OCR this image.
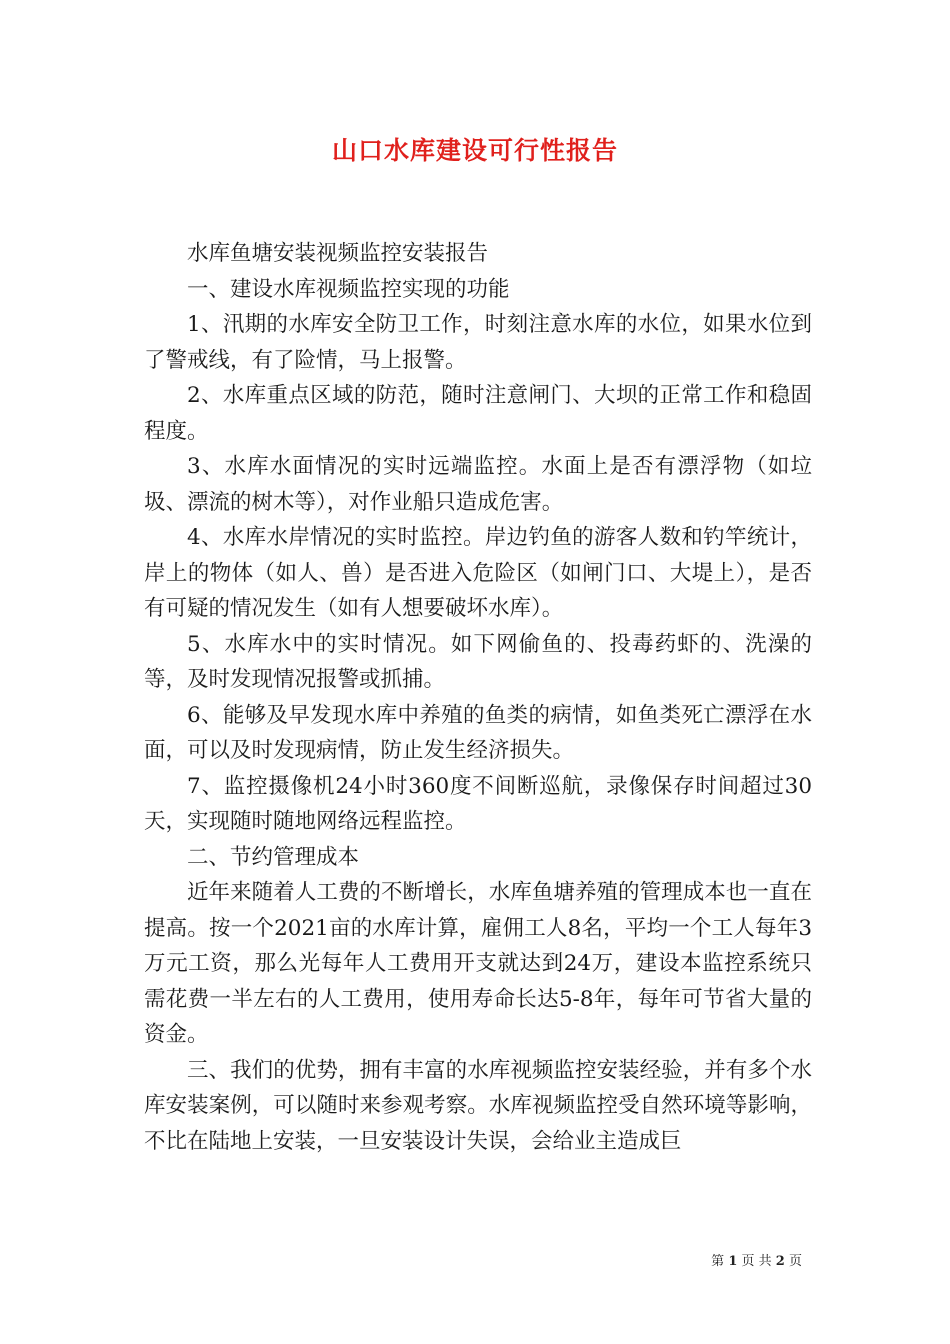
山口水库建设可行性报告

水库鱼塘安装视频监控安装报告

一、建设水库视频监控实现的功能

1、汛期的水库安全防卫工作，时刻注意水库的水位，如果水位到了警戒线，有了险情，马上报警。

2、水库重点区域的防范，随时注意闸门、大坝的正常工作和稳固程度。

3、水库水面情况的实时远端监控。水面上是否有漂浮物（如垃圾、漂流的树木等），对作业船只造成危害。

4、水库水岸情况的实时监控。岸边钓鱼的游客人数和钓竿统计，岸上的物体（如人、兽）是否进入危险区（如闸门口、大堤上），是否有可疑的情况发生（如有人想要破坏水库）。

5、水库水中的实时情况。如下网偷鱼的、投毒药虾的、洗澡的等，及时发现情况报警或抓捕。

6、能够及早发现水库中养殖的鱼类的病情，如鱼类死亡漂浮在水面，可以及时发现病情，防止发生经济损失。

7、监控摄像机24小时360度不间断巡航，录像保存时间超过30天，实现随时随地网络远程监控。

二、节约管理成本

近年来随着人工费的不断增长，水库鱼塘养殖的管理成本也一直在提高。按一个2021亩的水库计算，雇佣工人8名，平均一个工人每年3万元工资，那么光每年人工费用开支就达到24万，建设本监控系统只需花费一半左右的人工费用，使用寿命长达5-8年，每年可节省大量的资金。

三、我们的优势，拥有丰富的水库视频监控安装经验，并有多个水库安装案例，可以随时来参观考察。水库视频监控受自然环境等影响，不比在陆地上安装，一旦安装设计失误，会给业主造成巨

第 1 页 共 2 页
